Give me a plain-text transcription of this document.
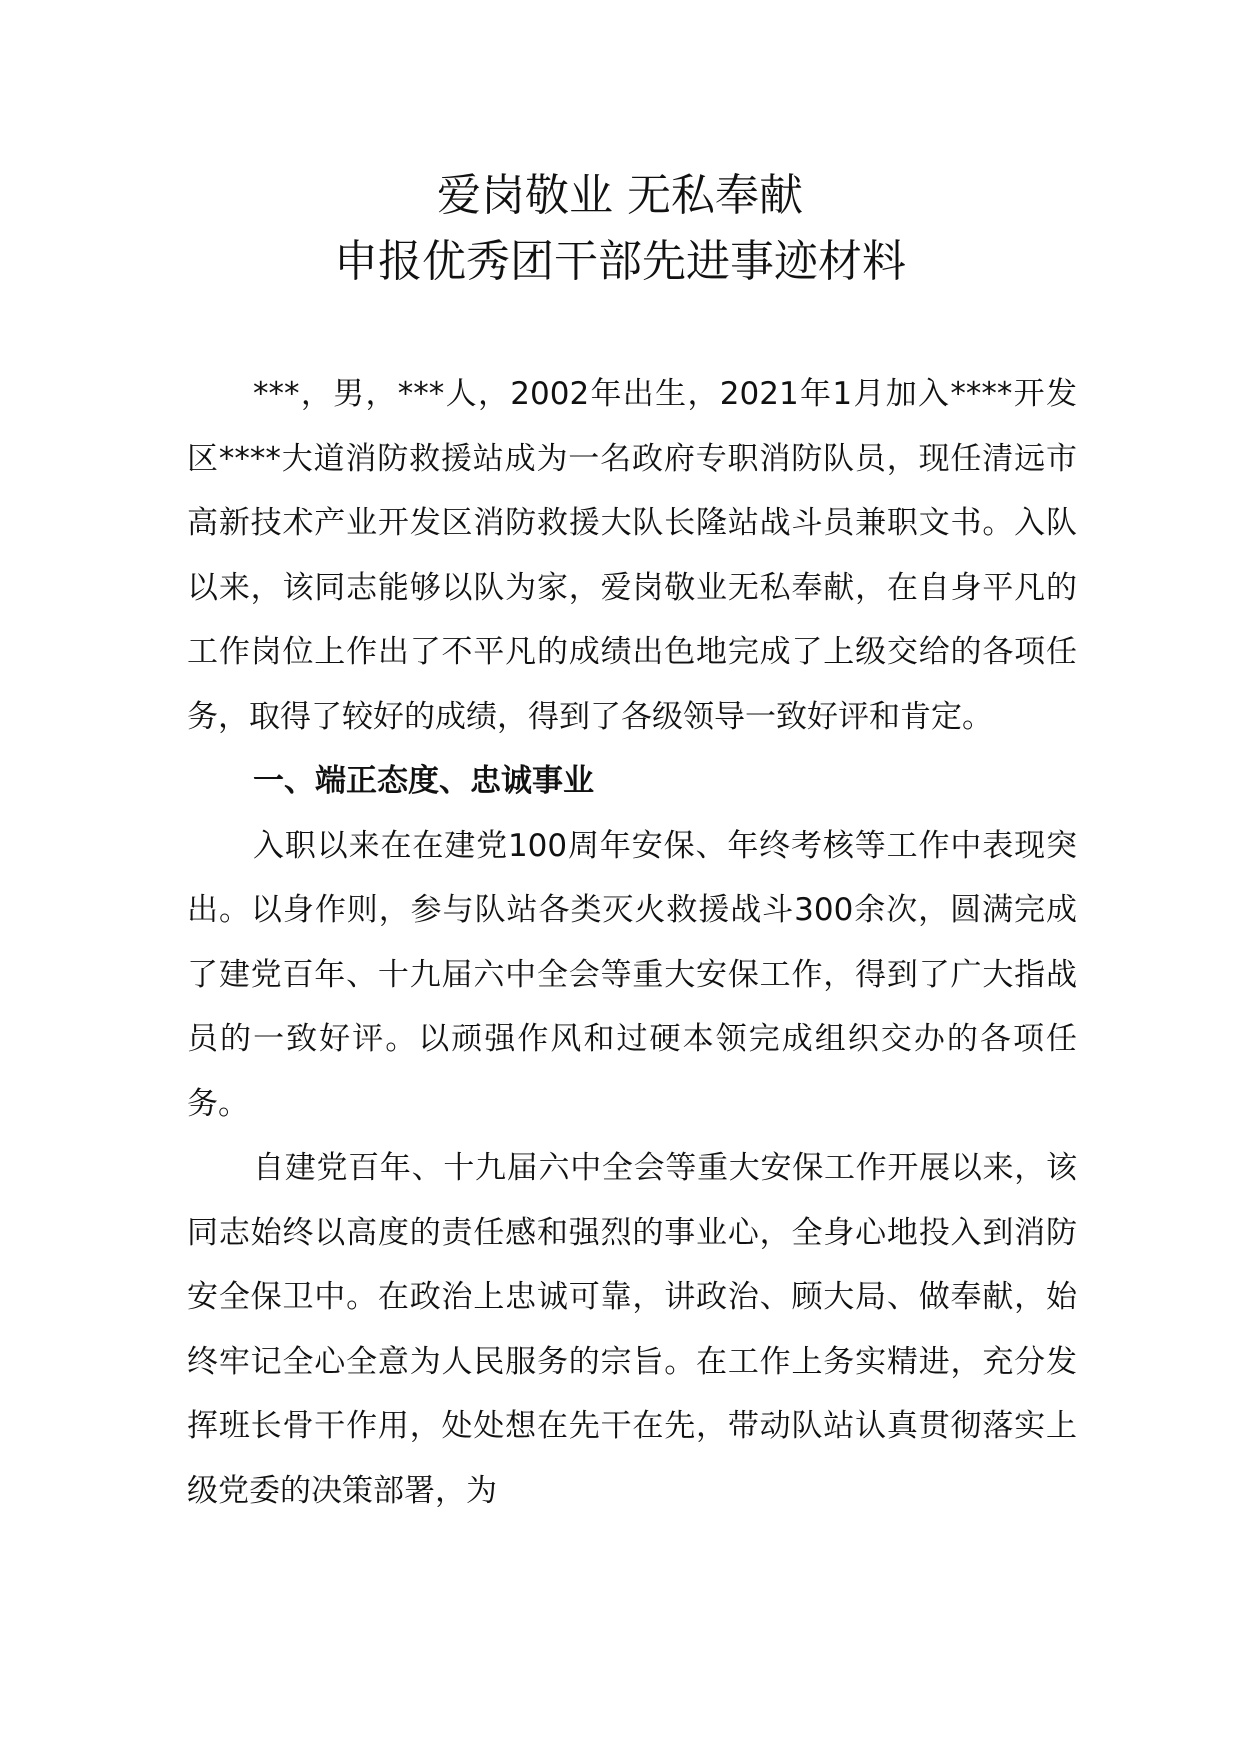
爱岗敬业 无私奉献
申报优秀团干部先进事迹材料

***，男，***人，2002年出生，2021年1月加入****开发区****大道消防救援站成为一名政府专职消防队员，现任清远市高新技术产业开发区消防救援大队长隆站战斗员兼职文书。入队以来，该同志能够以队为家，爱岗敬业无私奉献，在自身平凡的工作岗位上作出了不平凡的成绩出色地完成了上级交给的各项任务，取得了较好的成绩，得到了各级领导一致好评和肯定。

一、端正态度、忠诚事业

入职以来在在建党100周年安保、年终考核等工作中表现突出。以身作则，参与队站各类灭火救援战斗300余次，圆满完成了建党百年、十九届六中全会等重大安保工作，得到了广大指战员的一致好评。以顽强作风和过硬本领完成组织交办的各项任务。

自建党百年、十九届六中全会等重大安保工作开展以来，该同志始终以高度的责任感和强烈的事业心，全身心地投入到消防安全保卫中。在政治上忠诚可靠，讲政治、顾大局、做奉献，始终牢记全心全意为人民服务的宗旨。在工作上务实精进，充分发挥班长骨干作用，处处想在先干在先，带动队站认真贯彻落实上级党委的决策部署，为
